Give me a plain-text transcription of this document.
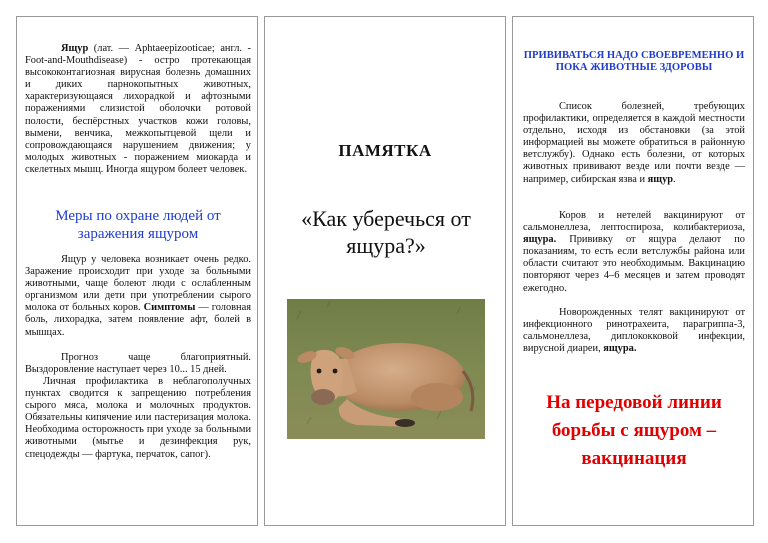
Ящур (лат. — Aphtaeepizooticae; англ. - Foot-and-Mouthdisease) - остро протекающая высококонтагиозная вирусная болезнь домашних и диких парнокопытных животных, характеризующаяся лихорадкой и афтозными поражениями слизистой оболочки ротовой полости, беспёрстных участков кожи головы, вымени, венчика, межкопытцевой щели и сопровождающаяся нарушением движения; у молодых животных - поражением миокарда и скелетных мышц. Иногда ящуром болеет человек.
Меры по охране людей от заражения ящуром
Ящур у человека возникает очень редко. Заражение происходит при уходе за больными животными, чаще болеют люди с ослабленным организмом или дети при употреблении сырого молока от больных коров. Симптомы — головная боль, лихорадка, затем появление афт, болей в мышцах.
Прогноз чаще благоприятный. Выздоровление наступает через 10... 15 дней.
Личная профилактика в неблагополучных пунктах сводится к запрещению потребления сырого мяса, молока и молочных продуктов. Обязательны кипячение или пастеризация молока. Необходима осторожность при уходе за больными животными (мытье и дезинфекция рук, спецодежды — фартука, перчаток, сапог).
ПАМЯТКА
«Как уберечься от ящура?»
ПРИВИВАТЬСЯ НАДО СВОЕВРЕМЕННО И ПОКА ЖИВОТНЫЕ ЗДОРОВЫ
Список болезней, требующих профилактики, определяется в каждой местности отдельно, исходя из обстановки (за этой информацией вы можете обратиться в районную ветслужбу). Однако есть болезни, от которых животных прививают везде или почти везде — например, сибирская язва и ящур.
Коров и нетелей вакцинируют от сальмонеллеза, лептоспироза, колибактериоза, ящура. Прививку от ящура делают по показаниям, то есть если ветслужбы района или области считают это необходимым. Вакцинацию повторяют через 4–6 месяцев и затем проводят ежегодно.
Новорожденных телят вакцинируют от инфекционного ринотрахеита, парагриппа-3, сальмонеллеза, диплококковой инфекции, вирусной диареи, ящура.
На передовой линии борьбы с ящуром – вакцинация
